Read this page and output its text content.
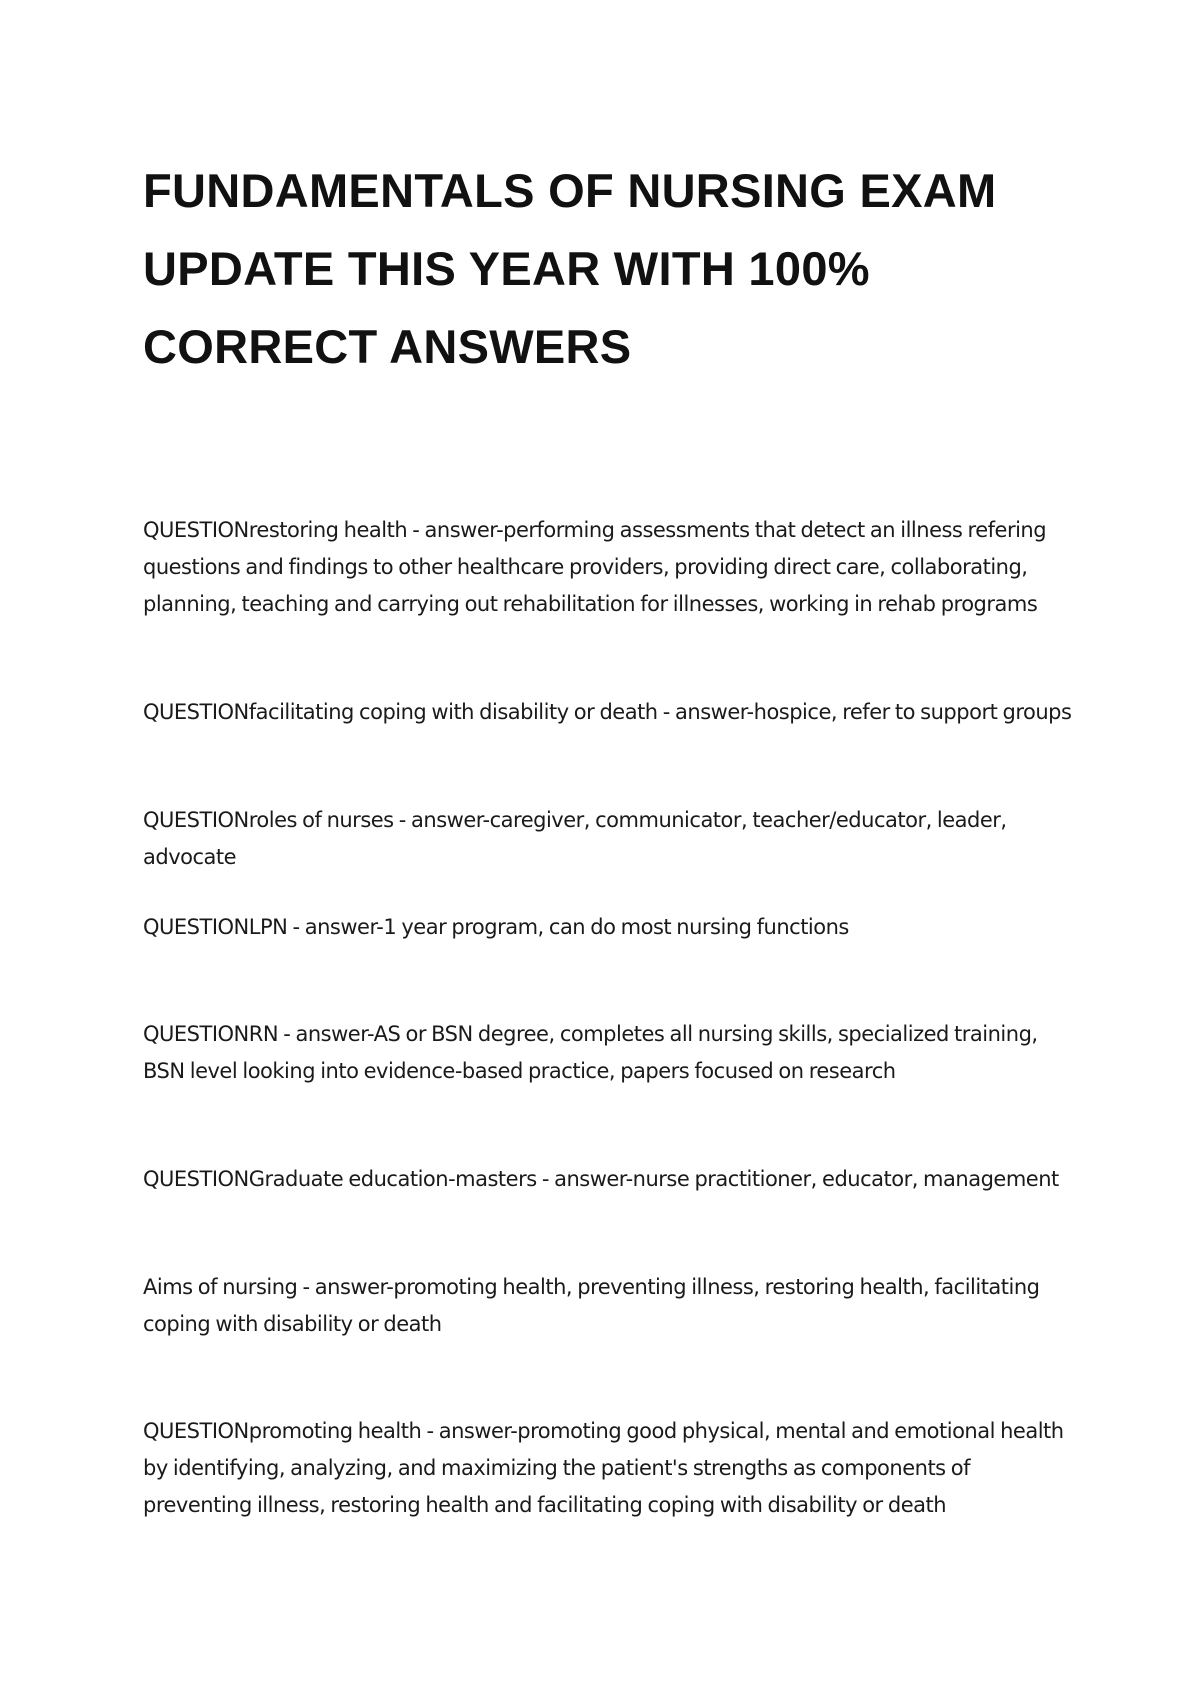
FUNDAMENTALS OF NURSING EXAM UPDATE THIS YEAR WITH 100% CORRECT ANSWERS

QUESTIONrestoring health - answer-performing assessments that detect an illness refering questions and findings to other healthcare providers, providing direct care, collaborating, planning, teaching and carrying out rehabilitation for illnesses, working in rehab programs

QUESTIONfacilitating coping with disability or death - answer-hospice, refer to support groups

QUESTIONroles of nurses - answer-caregiver, communicator, teacher/educator, leader, advocate

QUESTIONLPN - answer-1 year program, can do most nursing functions

QUESTIONRN - answer-AS or BSN degree, completes all nursing skills, specialized training, BSN level looking into evidence-based practice, papers focused on research

QUESTIONGraduate education-masters - answer-nurse practitioner, educator, management

Aims of nursing - answer-promoting health, preventing illness, restoring health, facilitating coping with disability or death

QUESTIONpromoting health - answer-promoting good physical, mental and emotional health by identifying, analyzing, and maximizing the patient's strengths as components of preventing illness, restoring health and facilitating coping with disability or death
